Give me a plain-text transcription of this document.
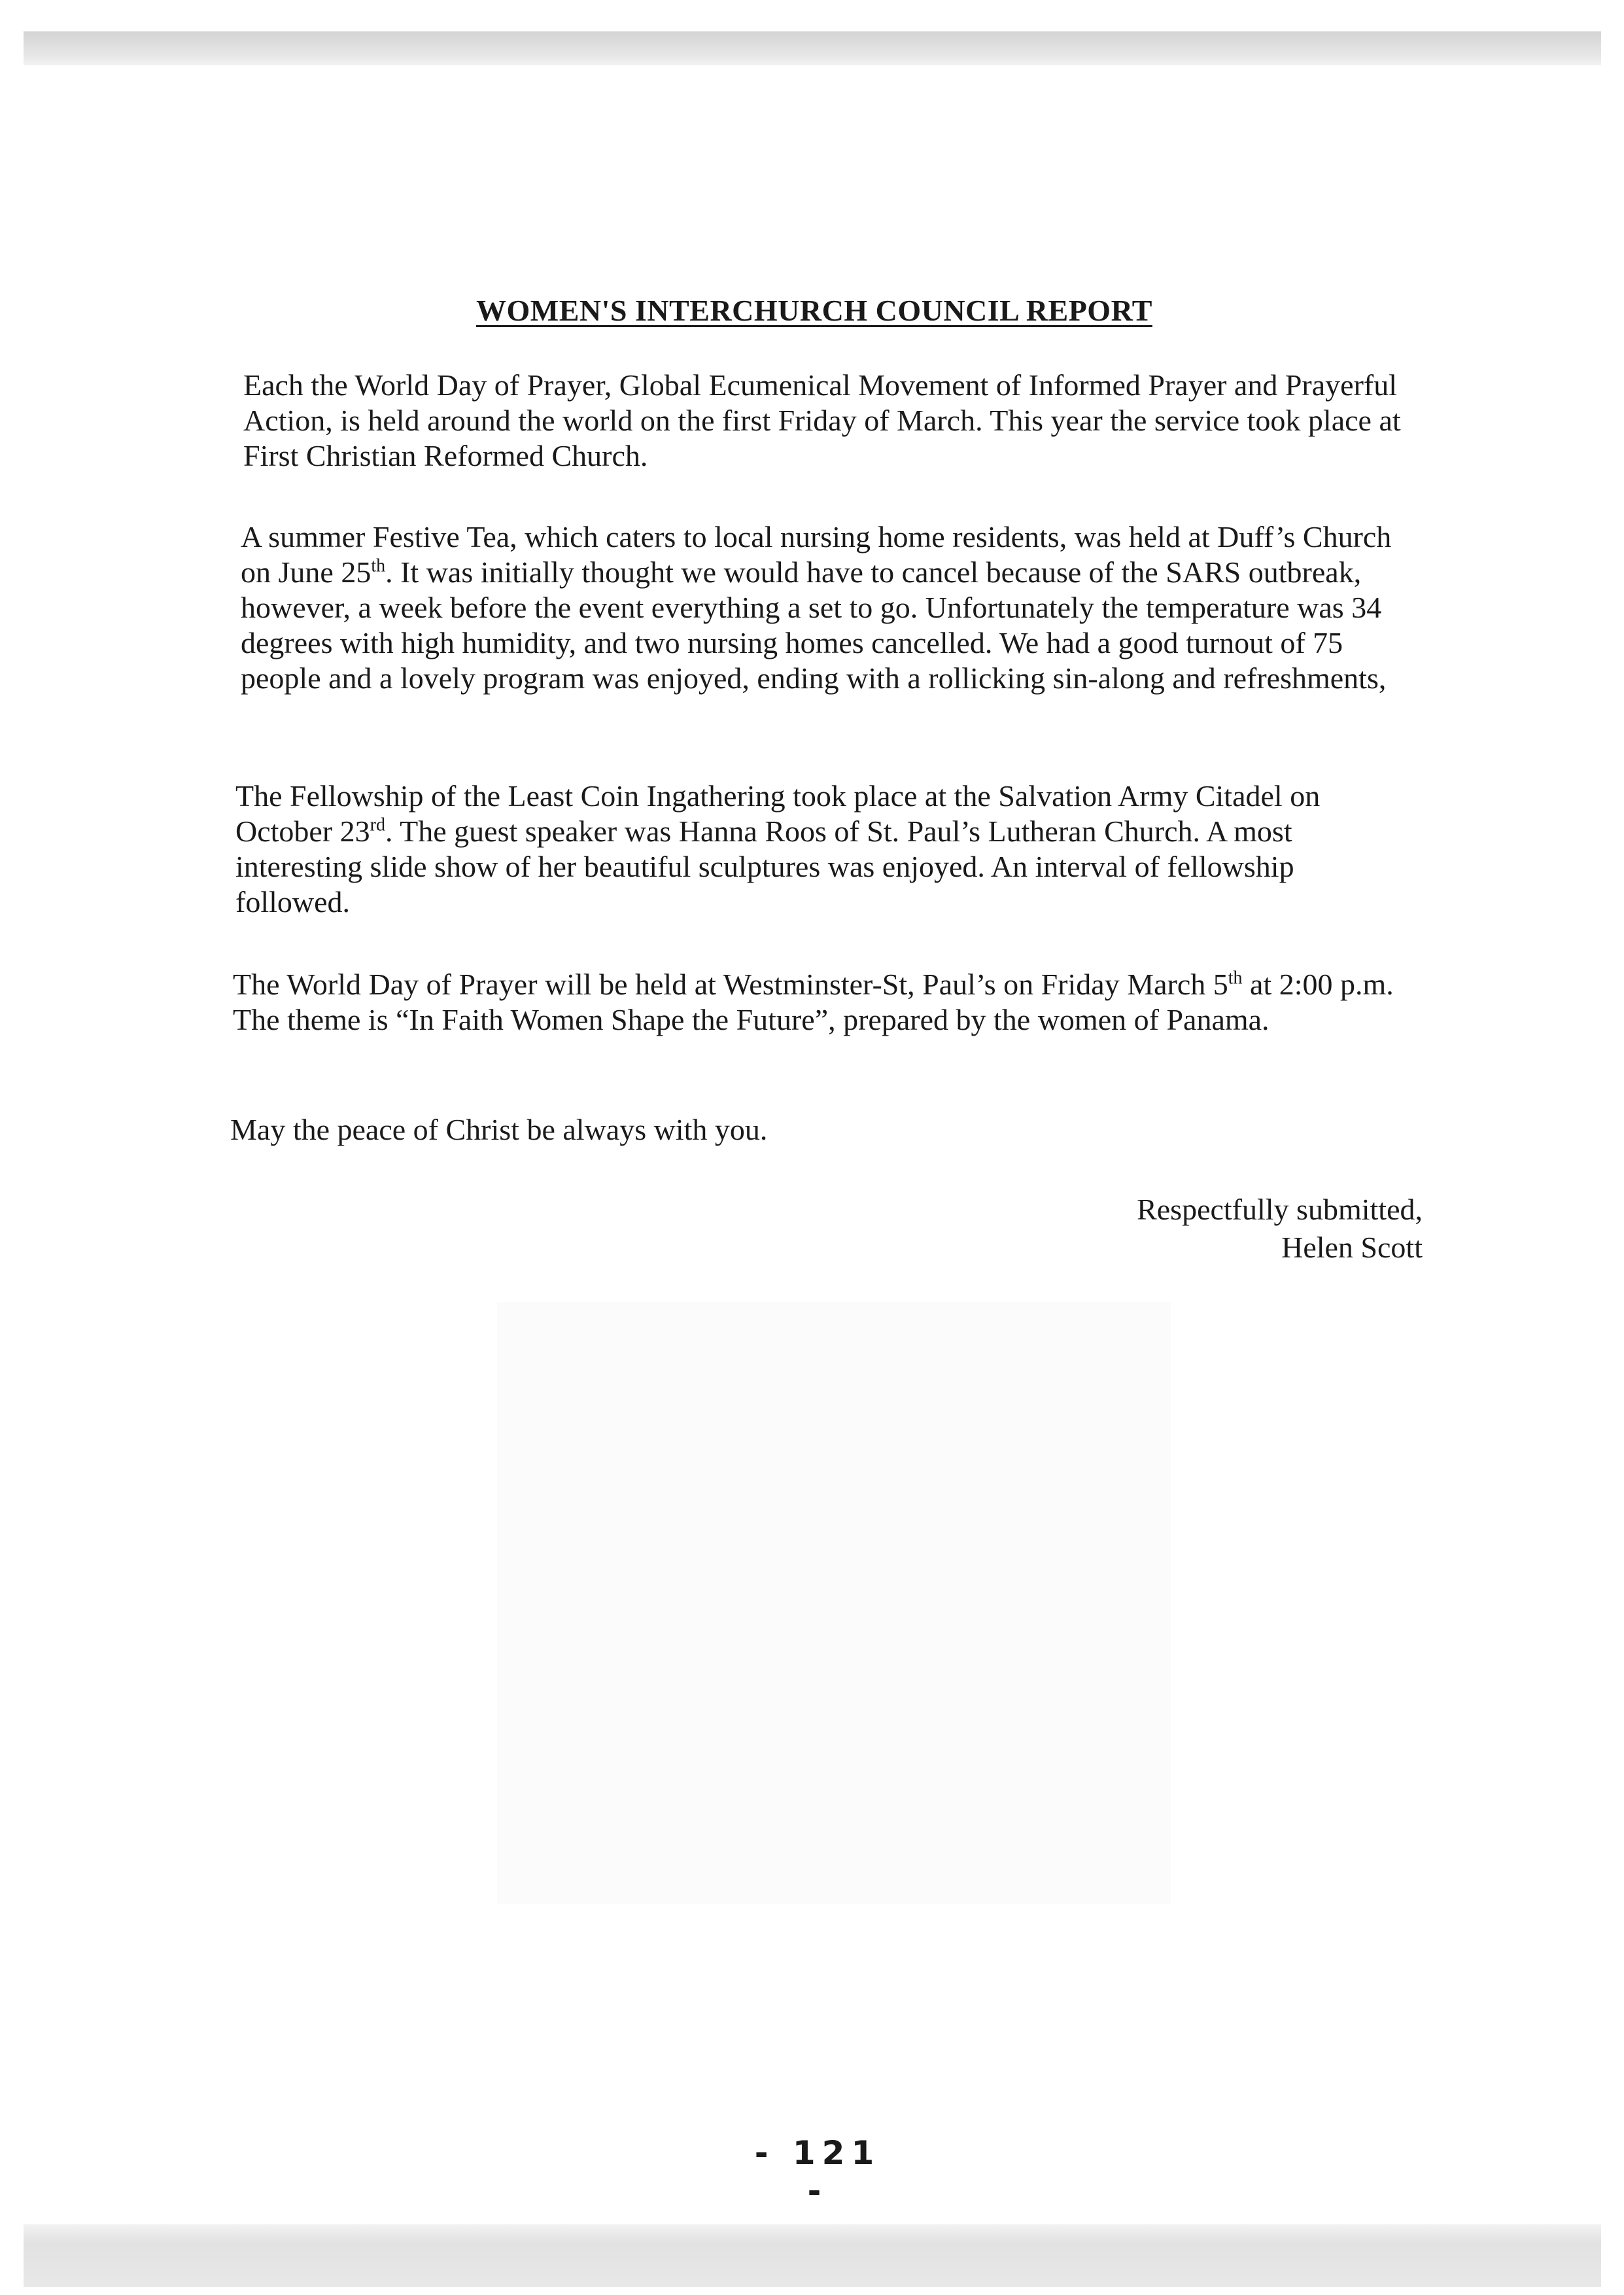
WOMEN'S INTERCHURCH COUNCIL REPORT

Each the World Day of Prayer, Global Ecumenical Movement of Informed Prayer and Prayerful Action, is held around the world on the first Friday of March. This year the service took place at First Christian Reformed Church.

A summer Festive Tea, which caters to local nursing home residents, was held at Duff’s Church on June 25th. It was initially thought we would have to cancel because of the SARS outbreak, however, a week before the event everything a set to go. Unfortunately the temperature was 34 degrees with high humidity, and two nursing homes cancelled. We had a good turnout of 75 people and a lovely program was enjoyed, ending with a rollicking sin-along and refreshments,

The Fellowship of the Least Coin Ingathering took place at the Salvation Army Citadel on October 23rd. The guest speaker was Hanna Roos of St. Paul’s Lutheran Church. A most interesting slide show of her beautiful sculptures was enjoyed. An interval of fellowship followed.

The World Day of Prayer will be held at Westminster-St, Paul’s on Friday March 5th at 2:00 p.m. The theme is “In Faith Women Shape the Future”, prepared by the women of Panama.

May the peace of Christ be always with you.

Respectfully submitted,
Helen Scott
- 121 -
